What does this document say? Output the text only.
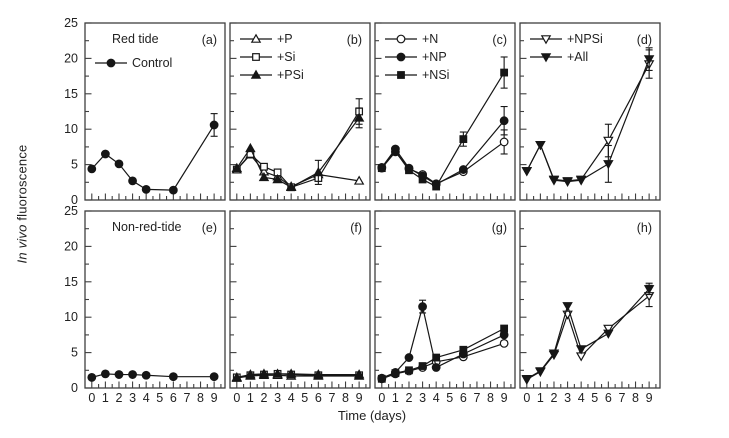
In vivo fluoroscence	0
5
10
15
20
25
Red tide
Control
(a)	+P
+Si
+PSi
(b)	+N
+NP
+NSi
(c)	+NPSi
+All
(d)
0
5
10
15
20
25
0 1 2 3 4 5 6 7 8 9
Non-red-tide (e)
0 1 2 3 4 5 6 7 8 9
(f)
0 1 2 3 4 5 6 7 8 9
(g)
0 1 2 3 4 5 6 7 8 9
(h)
Time (days)
